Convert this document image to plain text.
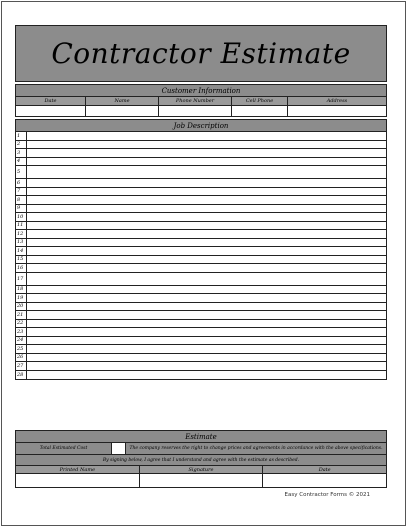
Contractor Estimate
Customer Information
Date	Name	Phone Number	Cell Phone	Address
Job Description
1
2
3
4
5
6
7
8
9
10
11
12
13
14
15
16
17
18
19
20
21
22
23
24
25
26
27
28
Estimate
Total Estimated Cost	The company reserves the right to change prices and agreements in accordance with the above specifications.
By signing below, I agree that I understand and agree with the estimate as described.
Printed Name	Signature	Date
Easy Contractor Forms © 2021
